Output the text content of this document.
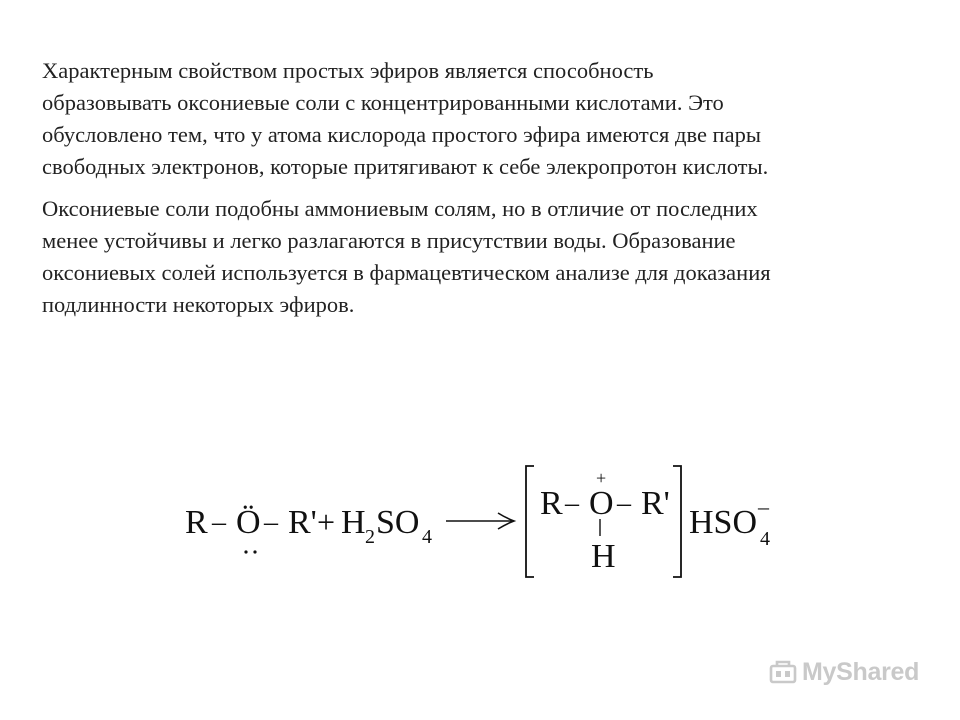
Характерным свойством простых эфиров является способность
образовывать оксониевые соли с концентрированными кислотами. Это
обусловлено тем, что у атома кислорода простого эфира имеются две пары
свободных электронов, которые притягивают к себе элекропротон кислоты.

Оксониевые соли подобны аммониевым солям, но в отличие от последних
менее устойчивы и легко разлагаются в присутствии воды. Образование
оксониевых солей используется в фармацевтическом анализе для доказания
подлинности некоторых эфиров.

R – Ö – R' + H 2 SO 4
R – O
+
– R'
H
HSO 4
–
MyShared
